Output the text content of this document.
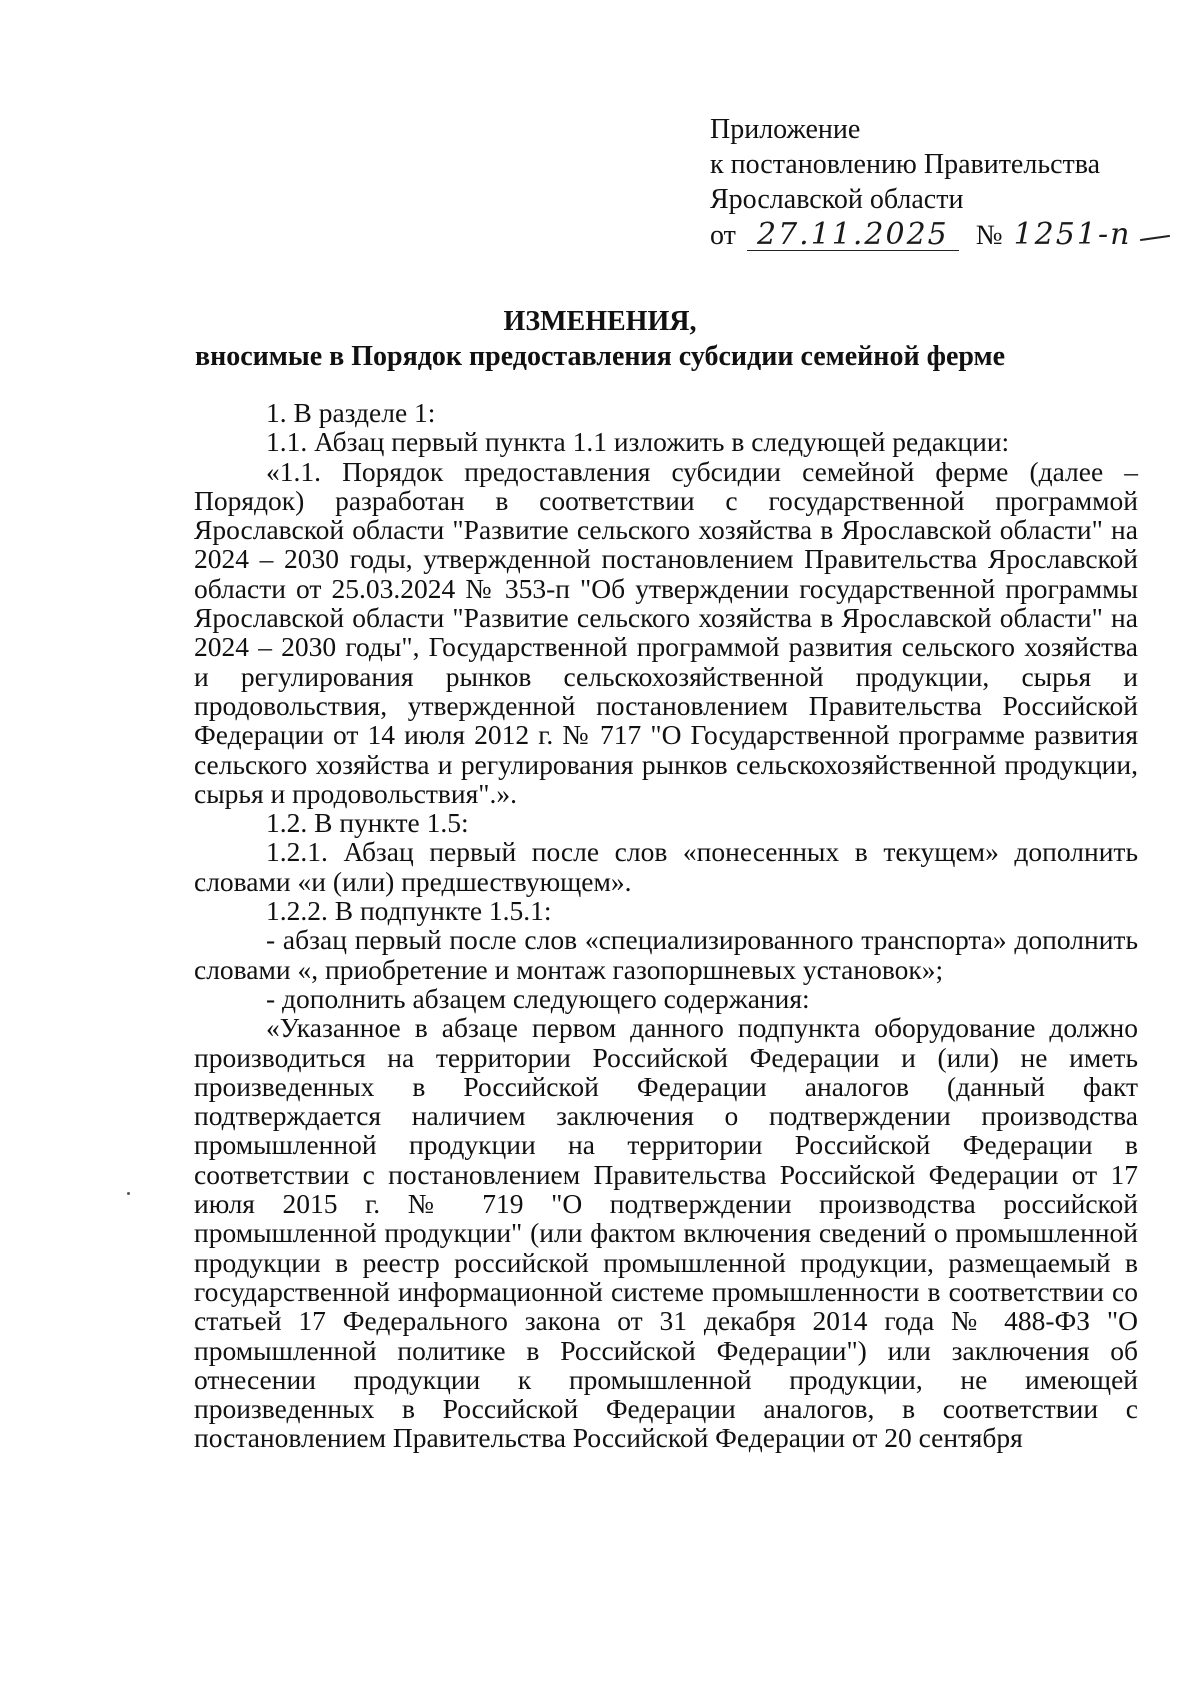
Приложение
к постановлению Правительства
Ярославской области
от 27.11.2025 № 1251-п
ИЗМЕНЕНИЯ,
вносимые в Порядок предоставления субсидии семейной ферме

1. В разделе 1:

1.1. Абзац первый пункта 1.1 изложить в следующей редакции:

«1.1. Порядок предоставления субсидии семейной ферме (далее – Порядок) разработан в соответствии с государственной программой Ярославской области "Развитие сельского хозяйства в Ярославской области" на 2024 – 2030 годы, утвержденной постановлением Правительства Ярославской области от 25.03.2024 № 353-п "Об утверждении государственной программы Ярославской области "Развитие сельского хозяйства в Ярославской области" на 2024 – 2030 годы", Государственной программой развития сельского хозяйства и регулирования рынков сельскохозяйственной продукции, сырья и продовольствия, утвержденной постановлением Правительства Российской Федерации от 14 июля 2012 г. № 717 "О Государственной программе развития сельского хозяйства и регулирования рынков сельскохозяйственной продукции, сырья и продовольствия".».

1.2. В пункте 1.5:

1.2.1. Абзац первый после слов «понесенных в текущем» дополнить словами «и (или) предшествующем».

1.2.2. В подпункте 1.5.1:

- абзац первый после слов «специализированного транспорта» дополнить словами «, приобретение и монтаж газопоршневых установок»;

- дополнить абзацем следующего содержания:

«Указанное в абзаце первом данного подпункта оборудование должно производиться на территории Российской Федерации и (или) не иметь произведенных в Российской Федерации аналогов (данный факт подтверждается наличием заключения о подтверждении производства промышленной продукции на территории Российской Федерации в соответствии с постановлением Правительства Российской Федерации от 17 июля 2015 г. № 719 "О подтверждении производства российской промышленной продукции" (или фактом включения сведений о промышленной продукции в реестр российской промышленной продукции, размещаемый в государственной информационной системе промышленности в соответствии со статьей 17 Федерального закона от 31 декабря 2014 года № 488-ФЗ "О промышленной политике в Российской Федерации") или заключения об отнесении продукции к промышленной продукции, не имеющей произведенных в Российской Федерации аналогов, в соответствии с постановлением Правительства Российской Федерации от 20 сентября
